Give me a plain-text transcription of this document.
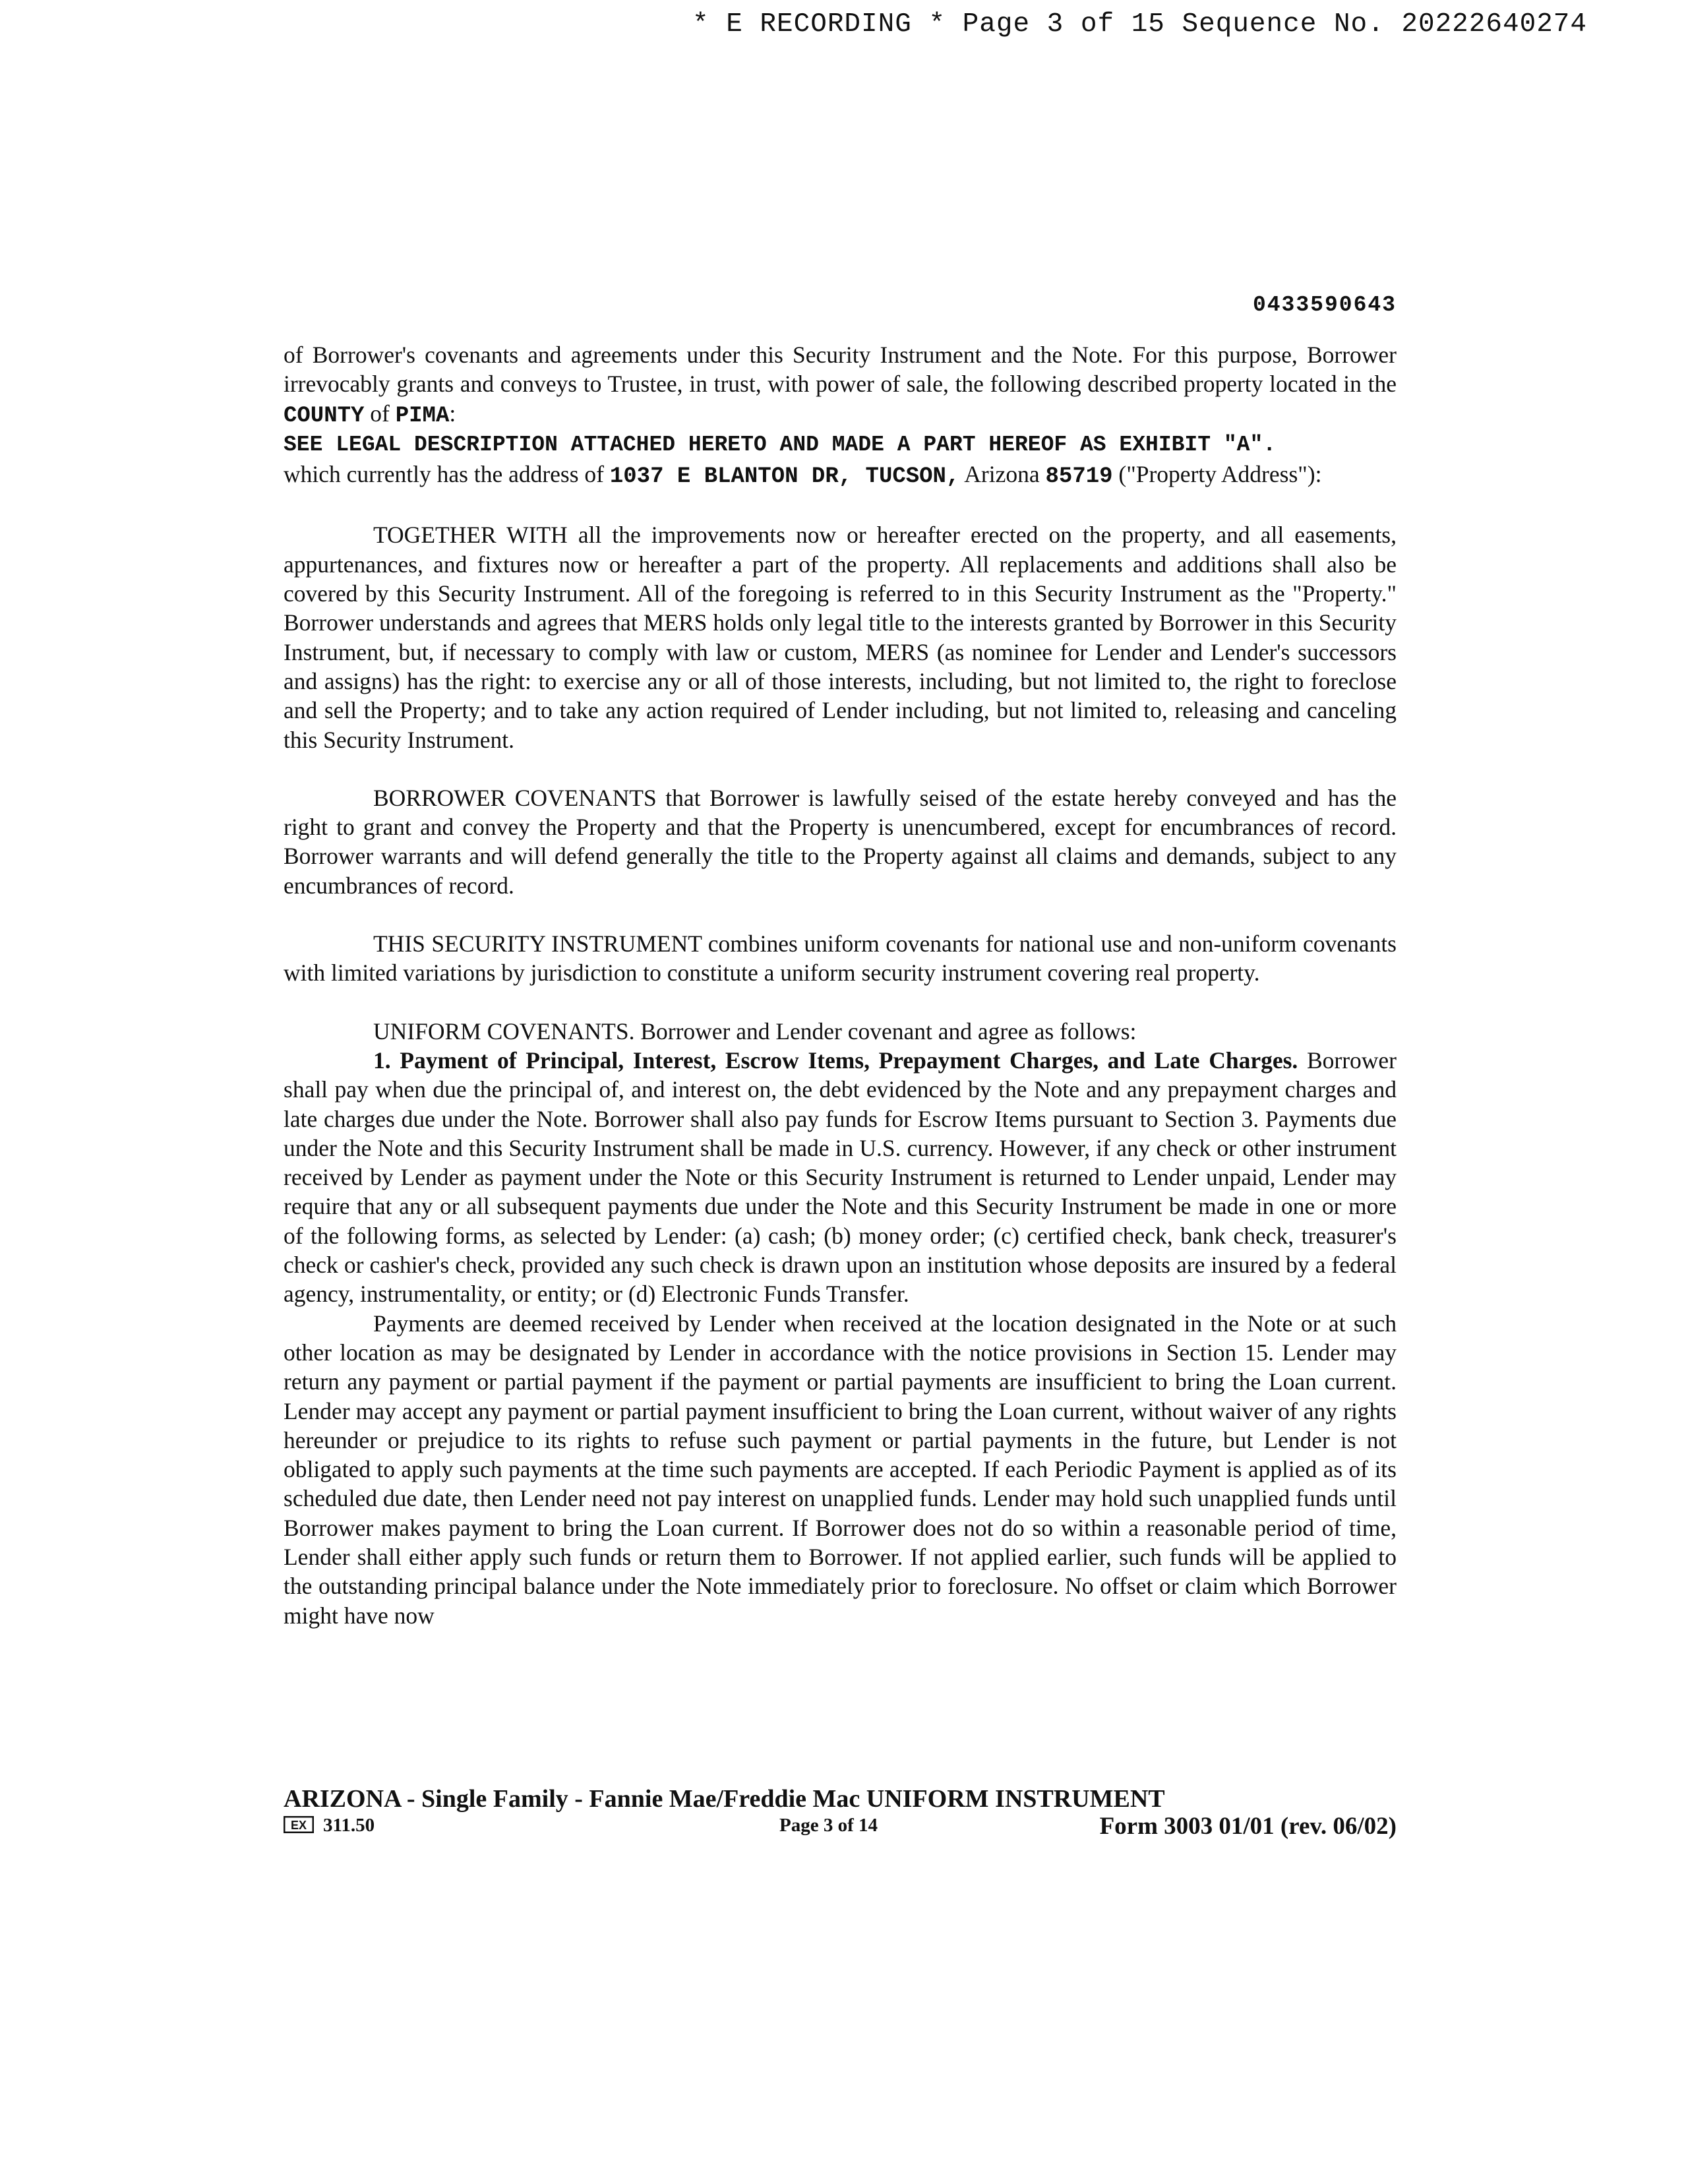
* E RECORDING * Page 3 of 15 Sequence No. 20222640274
0433590643

of Borrower's covenants and agreements under this Security Instrument and the Note. For this purpose, Borrower irrevocably grants and conveys to Trustee, in trust, with power of sale, the following described property located in the COUNTY of PIMA:

SEE LEGAL DESCRIPTION ATTACHED HERETO AND MADE A PART HEREOF AS EXHIBIT "A".

which currently has the address of 1037 E BLANTON DR, TUCSON, Arizona 85719 ("Property Address"):

TOGETHER WITH all the improvements now or hereafter erected on the property, and all easements, appurtenances, and fixtures now or hereafter a part of the property. All replacements and additions shall also be covered by this Security Instrument. All of the foregoing is referred to in this Security Instrument as the "Property." Borrower understands and agrees that MERS holds only legal title to the interests granted by Borrower in this Security Instrument, but, if necessary to comply with law or custom, MERS (as nominee for Lender and Lender's successors and assigns) has the right: to exercise any or all of those interests, including, but not limited to, the right to foreclose and sell the Property; and to take any action required of Lender including, but not limited to, releasing and canceling this Security Instrument.

BORROWER COVENANTS that Borrower is lawfully seised of the estate hereby conveyed and has the right to grant and convey the Property and that the Property is unencumbered, except for encumbrances of record. Borrower warrants and will defend generally the title to the Property against all claims and demands, subject to any encumbrances of record.

THIS SECURITY INSTRUMENT combines uniform covenants for national use and non-uniform covenants with limited variations by jurisdiction to constitute a uniform security instrument covering real property.

UNIFORM COVENANTS. Borrower and Lender covenant and agree as follows:

1. Payment of Principal, Interest, Escrow Items, Prepayment Charges, and Late Charges. Borrower shall pay when due the principal of, and interest on, the debt evidenced by the Note and any prepayment charges and late charges due under the Note. Borrower shall also pay funds for Escrow Items pursuant to Section 3. Payments due under the Note and this Security Instrument shall be made in U.S. currency. However, if any check or other instrument received by Lender as payment under the Note or this Security Instrument is returned to Lender unpaid, Lender may require that any or all subsequent payments due under the Note and this Security Instrument be made in one or more of the following forms, as selected by Lender: (a) cash; (b) money order; (c) certified check, bank check, treasurer's check or cashier's check, provided any such check is drawn upon an institution whose deposits are insured by a federal agency, instrumentality, or entity; or (d) Electronic Funds Transfer.

Payments are deemed received by Lender when received at the location designated in the Note or at such other location as may be designated by Lender in accordance with the notice provisions in Section 15. Lender may return any payment or partial payment if the payment or partial payments are insufficient to bring the Loan current. Lender may accept any payment or partial payment insufficient to bring the Loan current, without waiver of any rights hereunder or prejudice to its rights to refuse such payment or partial payments in the future, but Lender is not obligated to apply such payments at the time such payments are accepted. If each Periodic Payment is applied as of its scheduled due date, then Lender need not pay interest on unapplied funds. Lender may hold such unapplied funds until Borrower makes payment to bring the Loan current. If Borrower does not do so within a reasonable period of time, Lender shall either apply such funds or return them to Borrower. If not applied earlier, such funds will be applied to the outstanding principal balance under the Note immediately prior to foreclosure. No offset or claim which Borrower might have now

ARIZONA - Single Family - Fannie Mae/Freddie Mac UNIFORM INSTRUMENT
EX 311.50	Page 3 of 14	Form 3003 01/01 (rev. 06/02)
